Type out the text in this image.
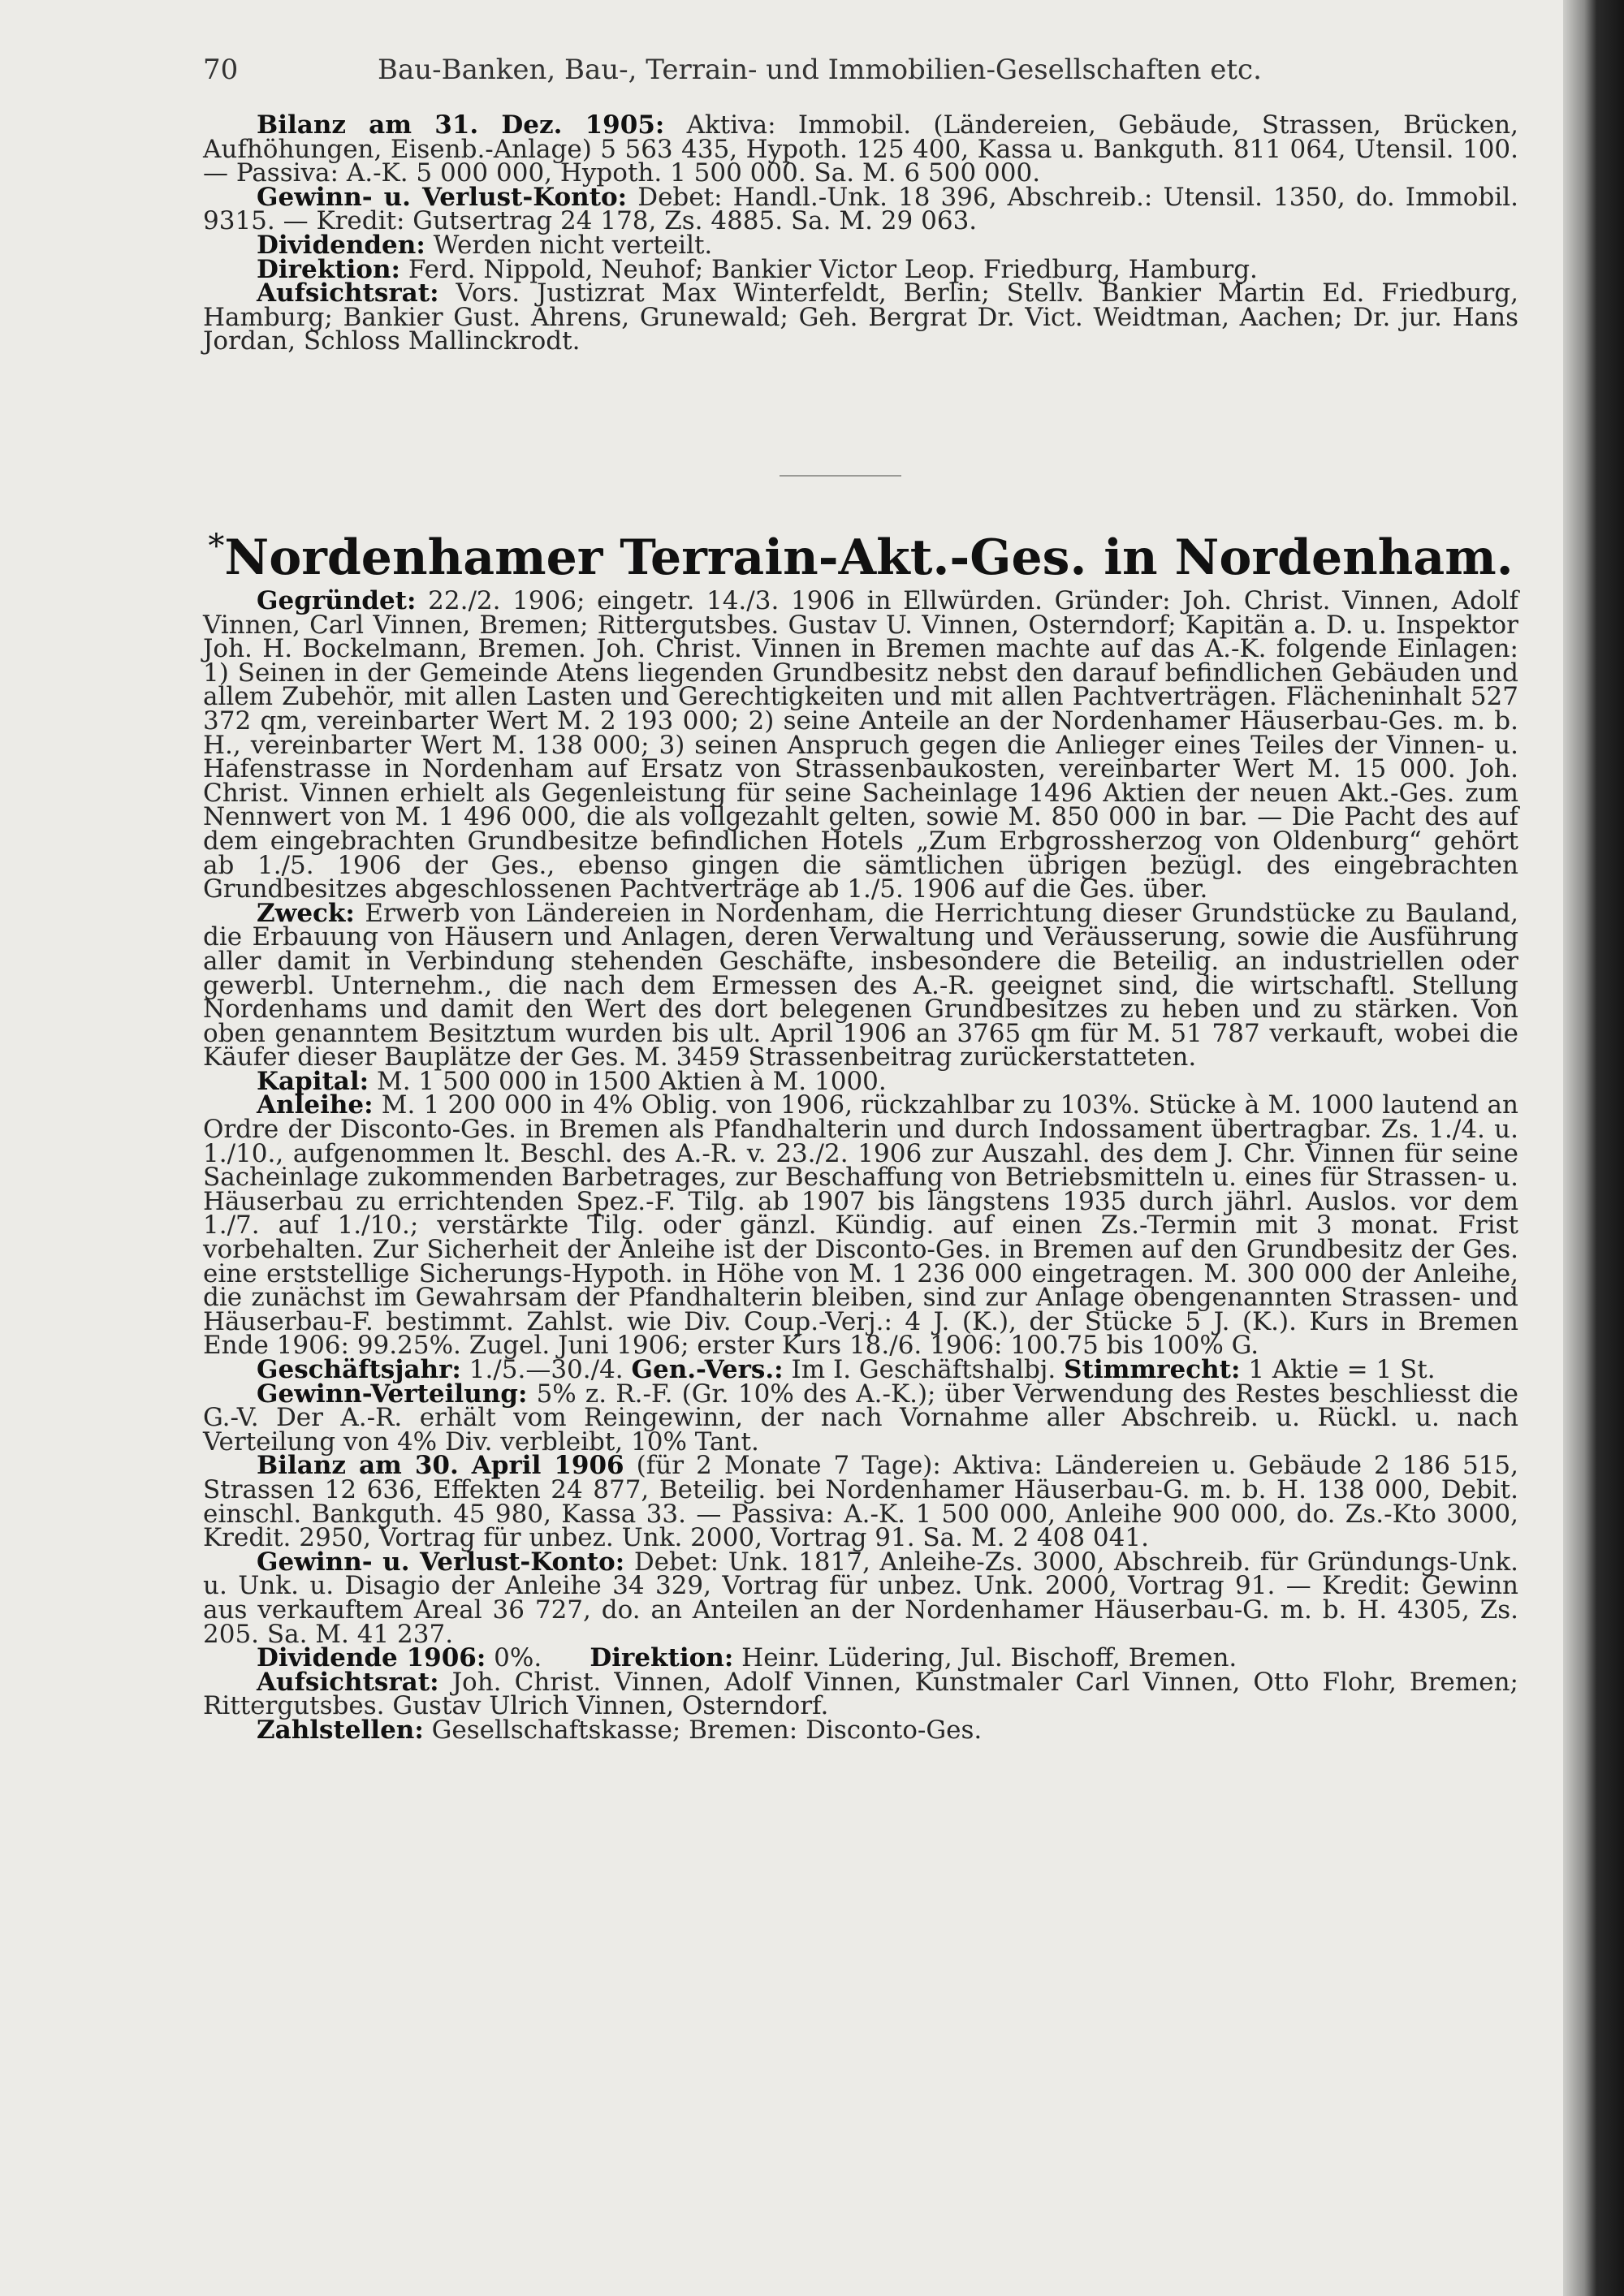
70	Bau-Banken, Bau-, Terrain- und Immobilien-Gesellschaften etc.

Bilanz am 31. Dez. 1905: Aktiva: Immobil. (Ländereien, Gebäude, Strassen, Brücken, Aufhöhungen, Eisenb.-Anlage) 5 563 435, Hypoth. 125 400, Kassa u. Bankguth. 811 064, Utensil. 100. — Passiva: A.-K. 5 000 000, Hypoth. 1 500 000. Sa. M. 6 500 000.

Gewinn- u. Verlust-Konto: Debet: Handl.-Unk. 18 396, Abschreib.: Utensil. 1350, do. Immobil. 9315. — Kredit: Gutsertrag 24 178, Zs. 4885. Sa. M. 29 063.

Dividenden: Werden nicht verteilt.

Direktion: Ferd. Nippold, Neuhof; Bankier Victor Leop. Friedburg, Hamburg.

Aufsichtsrat: Vors. Justizrat Max Winterfeldt, Berlin; Stellv. Bankier Martin Ed. Friedburg, Hamburg; Bankier Gust. Ahrens, Grunewald; Geh. Bergrat Dr. Vict. Weidtman, Aachen; Dr. jur. Hans Jordan, Schloss Mallinckrodt.

*Nordenhamer Terrain-Akt.-Ges. in Nordenham.

Gegründet: 22./2. 1906; eingetr. 14./3. 1906 in Ellwürden. Gründer: Joh. Christ. Vinnen, Adolf Vinnen, Carl Vinnen, Bremen; Rittergutsbes. Gustav U. Vinnen, Osterndorf; Kapitän a. D. u. Inspektor Joh. H. Bockelmann, Bremen. Joh. Christ. Vinnen in Bremen machte auf das A.-K. folgende Einlagen: 1) Seinen in der Gemeinde Atens liegenden Grundbesitz nebst den darauf befindlichen Gebäuden und allem Zubehör, mit allen Lasten und Gerechtigkeiten und mit allen Pachtverträgen. Flächeninhalt 527 372 qm, vereinbarter Wert M. 2 193 000; 2) seine Anteile an der Nordenhamer Häuserbau-Ges. m. b. H., vereinbarter Wert M. 138 000; 3) seinen Anspruch gegen die Anlieger eines Teiles der Vinnen- u. Hafenstrasse in Nordenham auf Ersatz von Strassenbaukosten, vereinbarter Wert M. 15 000. Joh. Christ. Vinnen erhielt als Gegenleistung für seine Sacheinlage 1496 Aktien der neuen Akt.-Ges. zum Nennwert von M. 1 496 000, die als vollgezahlt gelten, sowie M. 850 000 in bar. — Die Pacht des auf dem eingebrachten Grundbesitze befindlichen Hotels „Zum Erbgrossherzog von Oldenburg“ gehört ab 1./5. 1906 der Ges., ebenso gingen die sämtlichen übrigen bezügl. des eingebrachten Grundbesitzes abgeschlossenen Pachtverträge ab 1./5. 1906 auf die Ges. über.

Zweck: Erwerb von Ländereien in Nordenham, die Herrichtung dieser Grundstücke zu Bauland, die Erbauung von Häusern und Anlagen, deren Verwaltung und Veräusserung, sowie die Ausführung aller damit in Verbindung stehenden Geschäfte, insbesondere die Beteilig. an industriellen oder gewerbl. Unternehm., die nach dem Ermessen des A.-R. geeignet sind, die wirtschaftl. Stellung Nordenhams und damit den Wert des dort belegenen Grundbesitzes zu heben und zu stärken. Von oben genanntem Besitztum wurden bis ult. April 1906 an 3765 qm für M. 51 787 verkauft, wobei die Käufer dieser Bauplätze der Ges. M. 3459 Strassenbeitrag zurückerstatteten.

Kapital: M. 1 500 000 in 1500 Aktien à M. 1000.

Anleihe: M. 1 200 000 in 4% Oblig. von 1906, rückzahlbar zu 103%. Stücke à M. 1000 lautend an Ordre der Disconto-Ges. in Bremen als Pfandhalterin und durch Indossament übertragbar. Zs. 1./4. u. 1./10., aufgenommen lt. Beschl. des A.-R. v. 23./2. 1906 zur Auszahl. des dem J. Chr. Vinnen für seine Sacheinlage zukommenden Barbetrages, zur Beschaffung von Betriebsmitteln u. eines für Strassen- u. Häuserbau zu errichtenden Spez.-F. Tilg. ab 1907 bis längstens 1935 durch jährl. Auslos. vor dem 1./7. auf 1./10.; verstärkte Tilg. oder gänzl. Kündig. auf einen Zs.-Termin mit 3 monat. Frist vorbehalten. Zur Sicherheit der Anleihe ist der Disconto-Ges. in Bremen auf den Grundbesitz der Ges. eine erststellige Sicherungs-Hypoth. in Höhe von M. 1 236 000 eingetragen. M. 300 000 der Anleihe, die zunächst im Gewahrsam der Pfandhalterin bleiben, sind zur Anlage obengenannten Strassen- und Häuserbau-F. bestimmt. Zahlst. wie Div. Coup.-Verj.: 4 J. (K.), der Stücke 5 J. (K.). Kurs in Bremen Ende 1906: 99.25%. Zugel. Juni 1906; erster Kurs 18./6. 1906: 100.75 bis 100% G.

Geschäftsjahr: 1./5.—30./4. Gen.-Vers.: Im I. Geschäftshalbj. Stimmrecht: 1 Aktie = 1 St.

Gewinn-Verteilung: 5% z. R.-F. (Gr. 10% des A.-K.); über Verwendung des Restes beschliesst die G.-V. Der A.-R. erhält vom Reingewinn, der nach Vornahme aller Abschreib. u. Rückl. u. nach Verteilung von 4% Div. verbleibt, 10% Tant.

Bilanz am 30. April 1906 (für 2 Monate 7 Tage): Aktiva: Ländereien u. Gebäude 2 186 515, Strassen 12 636, Effekten 24 877, Beteilig. bei Nordenhamer Häuserbau-G. m. b. H. 138 000, Debit. einschl. Bankguth. 45 980, Kassa 33. — Passiva: A.-K. 1 500 000, Anleihe 900 000, do. Zs.-Kto 3000, Kredit. 2950, Vortrag für unbez. Unk. 2000, Vortrag 91. Sa. M. 2 408 041.

Gewinn- u. Verlust-Konto: Debet: Unk. 1817, Anleihe-Zs. 3000, Abschreib. für Gründungs-Unk. u. Unk. u. Disagio der Anleihe 34 329, Vortrag für unbez. Unk. 2000, Vortrag 91. — Kredit: Gewinn aus verkauftem Areal 36 727, do. an Anteilen an der Nordenhamer Häuserbau-G. m. b. H. 4305, Zs. 205. Sa. M. 41 237.

Dividende 1906: 0%. Direktion: Heinr. Lüdering, Jul. Bischoff, Bremen.

Aufsichtsrat: Joh. Christ. Vinnen, Adolf Vinnen, Kunstmaler Carl Vinnen, Otto Flohr, Bremen; Rittergutsbes. Gustav Ulrich Vinnen, Osterndorf.

Zahlstellen: Gesellschaftskasse; Bremen: Disconto-Ges.
